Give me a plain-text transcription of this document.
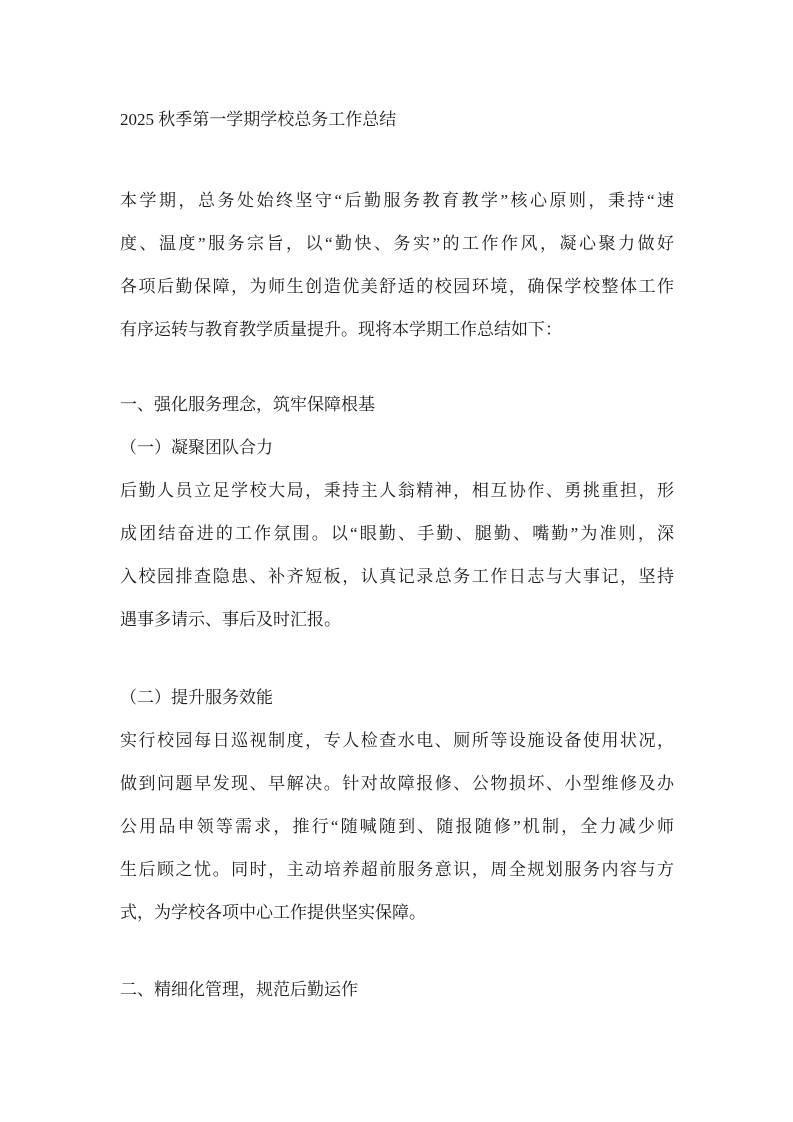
2025 秋季第一学期学校总务工作总结
本学期，总务处始终坚守“后勤服务教育教学”核心原则，秉持“速
度、温度”服务宗旨，以“勤快、务实”的工作作风，凝心聚力做好
各项后勤保障，为师生创造优美舒适的校园环境，确保学校整体工作
有序运转与教育教学质量提升。现将本学期工作总结如下：
一、强化服务理念，筑牢保障根基
（一）凝聚团队合力
后勤人员立足学校大局，秉持主人翁精神，相互协作、勇挑重担，形
成团结奋进的工作氛围。以“眼勤、手勤、腿勤、嘴勤”为准则，深
入校园排查隐患、补齐短板，认真记录总务工作日志与大事记，坚持
遇事多请示、事后及时汇报。
（二）提升服务效能
实行校园每日巡视制度，专人检查水电、厕所等设施设备使用状况，
做到问题早发现、早解决。针对故障报修、公物损坏、小型维修及办
公用品申领等需求，推行“随喊随到、随报随修”机制，全力减少师
生后顾之忧。同时，主动培养超前服务意识，周全规划服务内容与方
式，为学校各项中心工作提供坚实保障。
二、精细化管理，规范后勤运作
